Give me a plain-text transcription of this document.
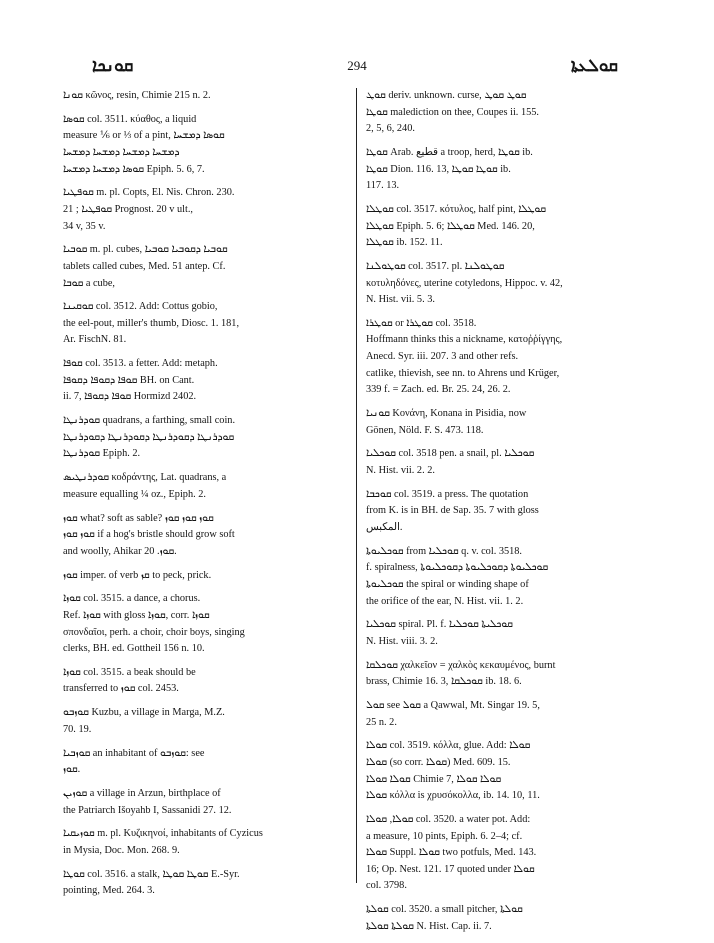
ܩܘܢܟܐ	294	ܩܘܠܥܬܐ
ܩܘܢܐ κῶνος, resin, Chimie 215 n. 2.
ܩܘܣܐ col. 3511. κύαθος, a liquid
measure ⅙ or ⅓ of a pint, ܩܘܣܐ ܕܡܫܚܐ
ܕܡܫܚܐ ܕܡܫܚܐ ܕܡܫܚܐ ܕܡܫܚܐ
ܩܘܣܐ ܕܡܫܚܐ ܕܡܫܚܐ Epiph. 5. 6, 7.
ܩܘܦܛܝܐ m. pl. Copts, El. Nis. Chron. 230.
21 ; ܩܘܦܛܝܐ Prognost. 20 v ult.,
34 v, 35 v.
ܩܘܒܝܐ m. pl. cubes, ܩܘܒܝܐ ܕܩܘܒܝܐ ܩܘܒܝܐ
tablets called cubes, Med. 51 antep. Cf.
ܩܘܒܐ a cube,
ܩܘܩܝܢܐ col. 3512. Add: Cottus gobio,
the eel-pout, miller's thumb, Diosc. 1. 181,
Ar. FischN. 81.
ܩܘܦܐ col. 3513. a fetter. Add: metaph.
ܩܘܦܐ ܕܩܘܦܐ ܕܩܘܦܐ BH. on Cant.
ii. 7, ܩܘܦܐ ܕܩܘܦܐ Hormizd 2402.
ܩܘܕܪܢܛܐ quadrans, a farthing, small coin.
ܩܘܕܪܢܛܐ ܕܩܘܕܪܢܛܐ ܕܩܘܕܪܢܛܐ ܕܩܘܕܪܢܛܐ
ܩܘܕܪܢܛܐ Epiph. 2.
ܩܘܕܪܢܛܝܣ κοδράντης, Lat. quadrans, a
measure equalling ¼ oz., Epiph. 2.
ܩܘܙ what? soft as sable? ܩܘܙ ܩܘܙ ܩܘܙ
ܩܘܙ ܩܘܙ if a hog's bristle should grow soft
and woolly, Ahikar ܩܘܙ. 20.
ܩܘܙ imper. of verb ܩܙ to peck, prick.
ܩܘܙܐ col. 3515. a dance, a chorus.
Ref. ܩܘܙܐ with gloss ܩܘܙܐ, corr. ܩܘܙܐ
σπονδαῖοι, perh. a choir, choir boys, singing
clerks, BH. ed. Gottheil 156 n. 10.
ܩܘܙܐ col. 3515. a beak should be
transferred to ܩܘܙ col. 2453.
ܩܘܙܒܘ Kuzbu, a village in Marga, M.Z.
70. 19.
ܩܘܙܒܝܐ an inhabitant of ܩܘܙܒܘ: see
ܩܘܙ.
ܩܘܙܝܢ a village in Arzun, birthplace of
the Patriarch Išoyahb I, Sassanidi 27. 12.
ܩܘܙܝܩܝܐ m. pl. Κυζικηνοί, inhabitants of Cyzicus
in Mysia, Doc. Mon. 268. 9.
ܩܘܛܐ col. 3516. a stalk, ܩܘܛܐ ܩܘܛܐ E.-Syr.
pointing, Med. 264. 3.
ܩܘܛ deriv. unknown. curse, ܩܘܛ ܩܘܛ
ܩܘܛܐ malediction on thee, Coupes ii. 155.
2, 5, 6, 240.
ܩܘܛܐ Arab. قطيع a troop, herd, ܩܘܛܐ ib.
ܩܘܛܐ Dion. 116. 13, ܩܘܛܐ ܩܘܛܐ ib.
117. 13.
ܩܘܛܠܐ col. 3517. κότυλος, half pint, ܩܘܛܠܐ
ܩܘܛܠܐ Epiph. 5. 6; ܩܘܛܠܐ Med. 146. 20,
ܩܘܛܠܐ ib. 152. 11.
ܩܘܛܘܠܢܐ col. 3517. pl. ܩܘܛܘܠܢܐ
κοτυληδόνες, uterine cotyledons, Hippoc. v. 42,
N. Hist. vii. 5. 3.
ܩܘܛܪܐ or ܩܘܛܪܐ col. 3518.
Hoffmann thinks this a nickname, κατοῤῥίγγης,
Anecd. Syr. iii. 207. 3 and other refs.
catlike, thievish, see nn. to Ahrens und Krüger,
339 f. = Zach. ed. Br. 25. 24, 26. 2.
ܩܘܢܝܐ Κονάνη, Konana in Pisidia, now
Gönen, Nöld. F. S. 473. 118.
ܩܘܟܠܝܐ col. 3518 pen. a snail, pl. ܩܘܟܠܝܐ
N. Hist. vii. 2. 2.
ܩܘܟܒܐ col. 3519. a press. The quotation
from K. is in BH. de Sap. 35. 7 with gloss
المكبس.
ܩܘܟܠܝܘܬܐ from ܩܘܟܠܝܐ q. v. col. 3518.
f. spiralness, ܩܘܟܠܝܘܬܐ ܕܩܘܟܠܝܘܬܐ ܕܩܘܟܠܝܘܬܐ
ܩܘܟܠܝܘܬܐ the spiral or winding shape of
the orifice of the ear, N. Hist. vii. 1. 2.
ܩܘܟܠܝܐ spiral. Pl. f. ܩܘܟܠܝܬܐ ܩܘܟܠܝܐ
N. Hist. viii. 3. 2.
ܩܘܟܠܩܐ χαλκεῖον = χαλκὸς κεκαυμένος, burnt
brass, Chimie 16. 3, ܩܘܟܠܩܐ ib. 18. 6.
ܩܘܠ see ܩܘܠ a Qawwal, Mt. Singar 19. 5,
25 n. 2.
ܩܘܠܐ col. 3519. κόλλα, glue. Add: ܩܘܠܐ
ܩܘܠܐ (so corr. ܩܘܠܐ) Med. 609. 15.
ܩܘܠܐ ܩܘܠܐ Chimie 7, ܩܘܠܐ ܩܘܠܐ
ܩܘܠܐ κόλλα is χρυσόκολλα, ib. 14. 10, 11.
ܩܘܠܐ, ܩܘܠܐ col. 3520. a water pot. Add:
a measure, 10 pints, Epiph. 6. 2–4; cf.
ܩܘܠܐ Suppl. ܩܘܠܐ two potfuls, Med. 143.
16; Op. Nest. 121. 17 quoted under ܩܘܠܐ
col. 3798.
ܩܘܠܬܐ col. 3520. a small pitcher, ܩܘܠܬܐ
ܩܘܠܬܐ ܩܘܠܬܐ N. Hist. Cap. ii. 7.
